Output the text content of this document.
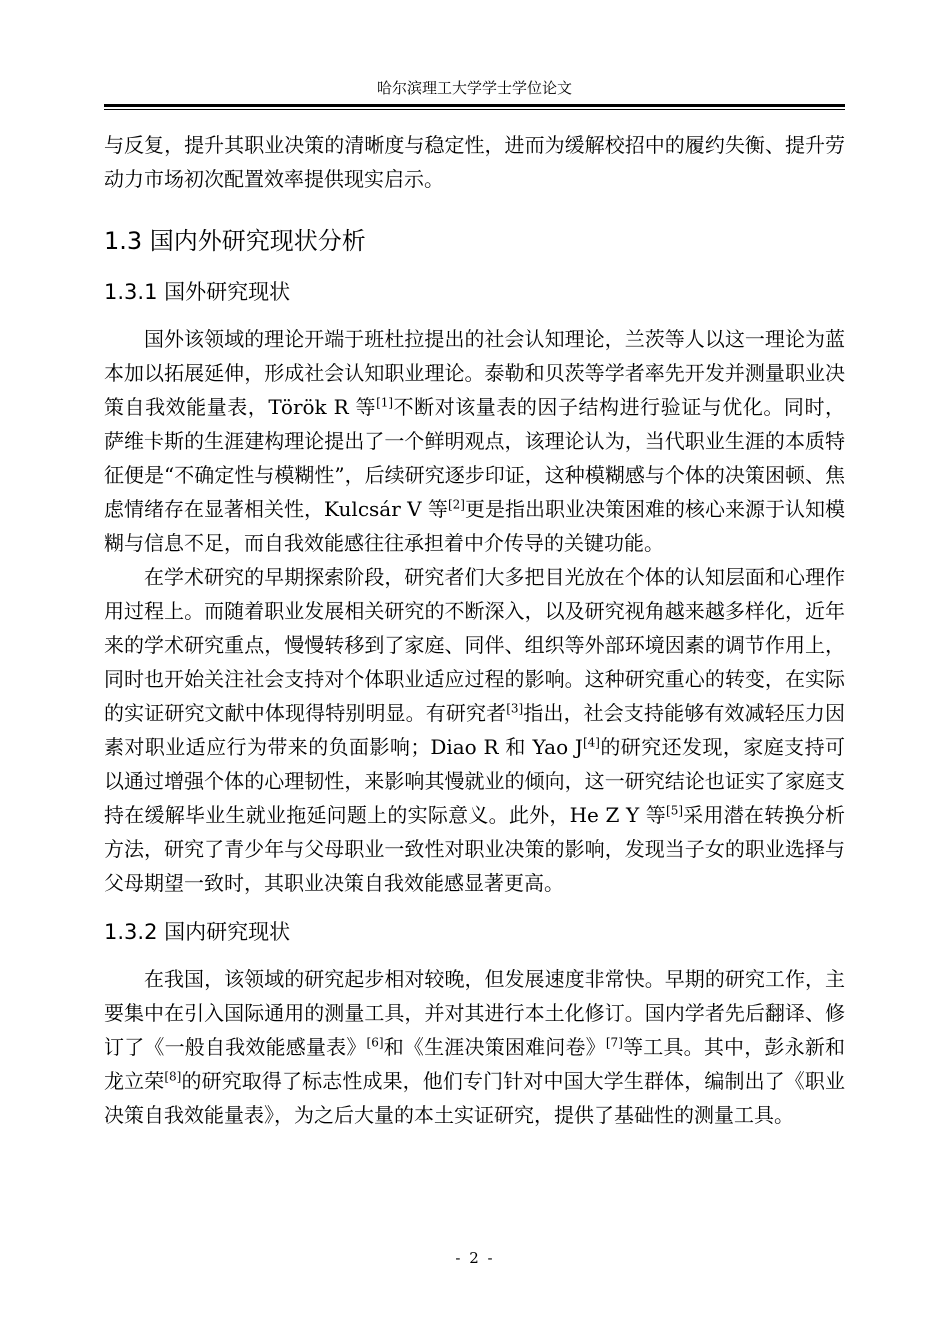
哈尔滨理工大学学士学位论文

与反复，提升其职业决策的清晰度与稳定性，进而为缓解校招中的履约失衡、提升劳动力市场初次配置效率提供现实启示。

1.3 国内外研究现状分析
1.3.1 国外研究现状

国外该领域的理论开端于班杜拉提出的社会认知理论，兰茨等人以这一理论为蓝本加以拓展延伸，形成社会认知职业理论。泰勒和贝茨等学者率先开发并测量职业决策自我效能量表，Török R 等[1]不断对该量表的因子结构进行验证与优化。同时，萨维卡斯的生涯建构理论提出了一个鲜明观点，该理论认为，当代职业生涯的本质特征便是“不确定性与模糊性”，后续研究逐步印证，这种模糊感与个体的决策困顿、焦虑情绪存在显著相关性，Kulcsár V 等[2]更是指出职业决策困难的核心来源于认知模糊与信息不足，而自我效能感往往承担着中介传导的关键功能。

在学术研究的早期探索阶段，研究者们大多把目光放在个体的认知层面和心理作用过程上。而随着职业发展相关研究的不断深入，以及研究视角越来越多样化，近年来的学术研究重点，慢慢转移到了家庭、同伴、组织等外部环境因素的调节作用上，同时也开始关注社会支持对个体职业适应过程的影响。这种研究重心的转变，在实际的实证研究文献中体现得特别明显。有研究者[3]指出，社会支持能够有效减轻压力因素对职业适应行为带来的负面影响；Diao R 和 Yao J[4]的研究还发现，家庭支持可以通过增强个体的心理韧性，来影响其慢就业的倾向，这一研究结论也证实了家庭支持在缓解毕业生就业拖延问题上的实际意义。此外，He Z Y 等[5]采用潜在转换分析方法，研究了青少年与父母职业一致性对职业决策的影响，发现当子女的职业选择与父母期望一致时，其职业决策自我效能感显著更高。

1.3.2 国内研究现状

在我国，该领域的研究起步相对较晚，但发展速度非常快。早期的研究工作，主要集中在引入国际通用的测量工具，并对其进行本土化修订。国内学者先后翻译、修订了《一般自我效能感量表》[6]和《生涯决策困难问卷》[7]等工具。其中，彭永新和龙立荣[8]的研究取得了标志性成果，他们专门针对中国大学生群体，编制出了《职业决策自我效能量表》，为之后大量的本土实证研究，提供了基础性的测量工具。

- 2 -
